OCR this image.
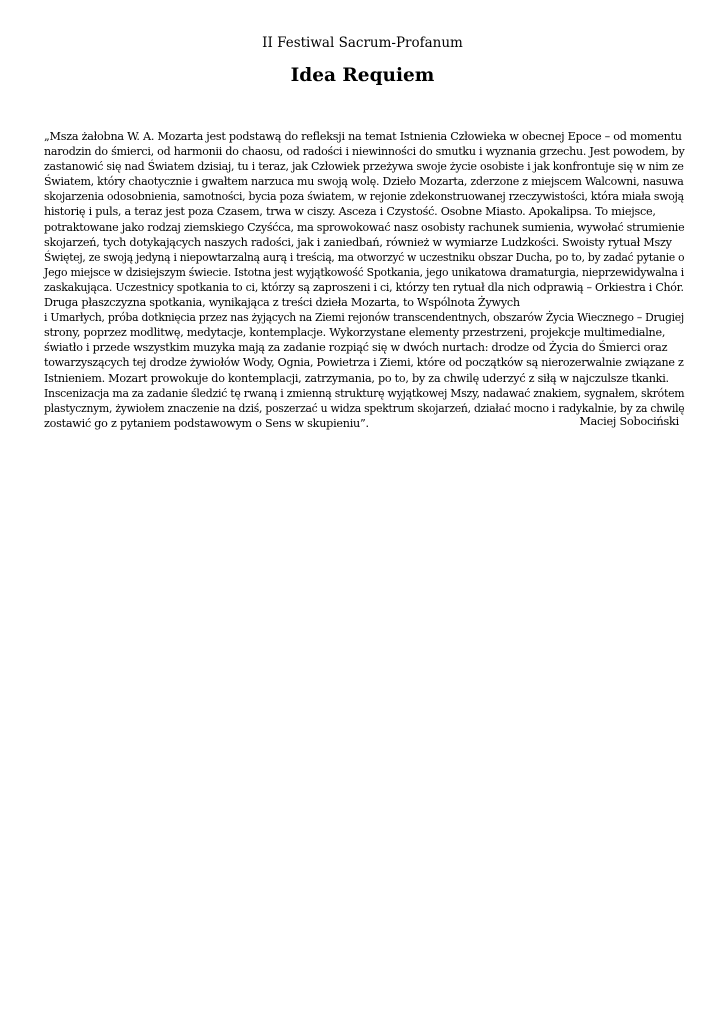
II Festiwal Sacrum-Profanum
Idea Requiem
„Msza żałobna W. A. Mozarta jest podstawą do refleksji na temat Istnienia Człowieka w obecnej Epoce – od momentu
narodzin do śmierci, od harmonii do chaosu, od radości i niewinności do smutku i wyznania grzechu. Jest powodem, by
zastanowić się nad Światem dzisiaj, tu i teraz, jak Człowiek przeżywa swoje życie osobiste i jak konfrontuje się w nim ze
Światem, który chaotycznie i gwałtem narzuca mu swoją wolę. Dzieło Mozarta, zderzone z miejscem Walcowni, nasuwa
skojarzenia odosobnienia, samotności, bycia poza światem, w rejonie zdekonstruowanej rzeczywistości, która miała swoją
historię i puls, a teraz jest poza Czasem, trwa w ciszy. Asceza i Czystość. Osobne Miasto. Apokalipsa. To miejsce,
potraktowane jako rodzaj ziemskiego Czyśćca, ma sprowokować nasz osobisty rachunek sumienia, wywołać strumienie
skojarzeń, tych dotykających naszych radości, jak i zaniedbań, również w wymiarze Ludzkości. Swoisty rytuał Mszy
Świętej, ze swoją jedyną i niepowtarzalną aurą i treścią, ma otworzyć w uczestniku obszar Ducha, po to, by zadać pytanie o
Jego miejsce w dzisiejszym świecie. Istotna jest wyjątkowość Spotkania, jego unikatowa dramaturgia, nieprzewidywalna i
zaskakująca. Uczestnicy spotkania to ci, którzy są zaproszeni i ci, którzy ten rytuał dla nich odprawią – Orkiestra i Chór.
Druga płaszczyzna spotkania, wynikająca z treści dzieła Mozarta, to Wspólnota Żywych
i Umarłych, próba dotknięcia przez nas żyjących na Ziemi rejonów transcendentnych, obszarów Życia Wiecznego – Drugiej
strony, poprzez modlitwę, medytacje, kontemplacje. Wykorzystane elementy przestrzeni, projekcje multimedialne,
światło i przede wszystkim muzyka mają za zadanie rozpiąć się w dwóch nurtach: drodze od Życia do Śmierci oraz
towarzyszących tej drodze żywiołów Wody, Ognia, Powietrza i Ziemi, które od początków są nierozerwalnie związane z
Istnieniem. Mozart prowokuje do kontemplacji, zatrzymania, po to, by za chwilę uderzyć z siłą w najczulsze tkanki.
Inscenizacja ma za zadanie śledzić tę rwaną i zmienną strukturę wyjątkowej Mszy, nadawać znakiem, sygnałem, skrótem
plastycznym, żywiołem znaczenie na dziś, poszerzać u widza spektrum skojarzeń, działać mocno i radykalnie, by za chwilę
zostawić go z pytaniem podstawowym o Sens w skupieniu”.	Maciej Sobociński
